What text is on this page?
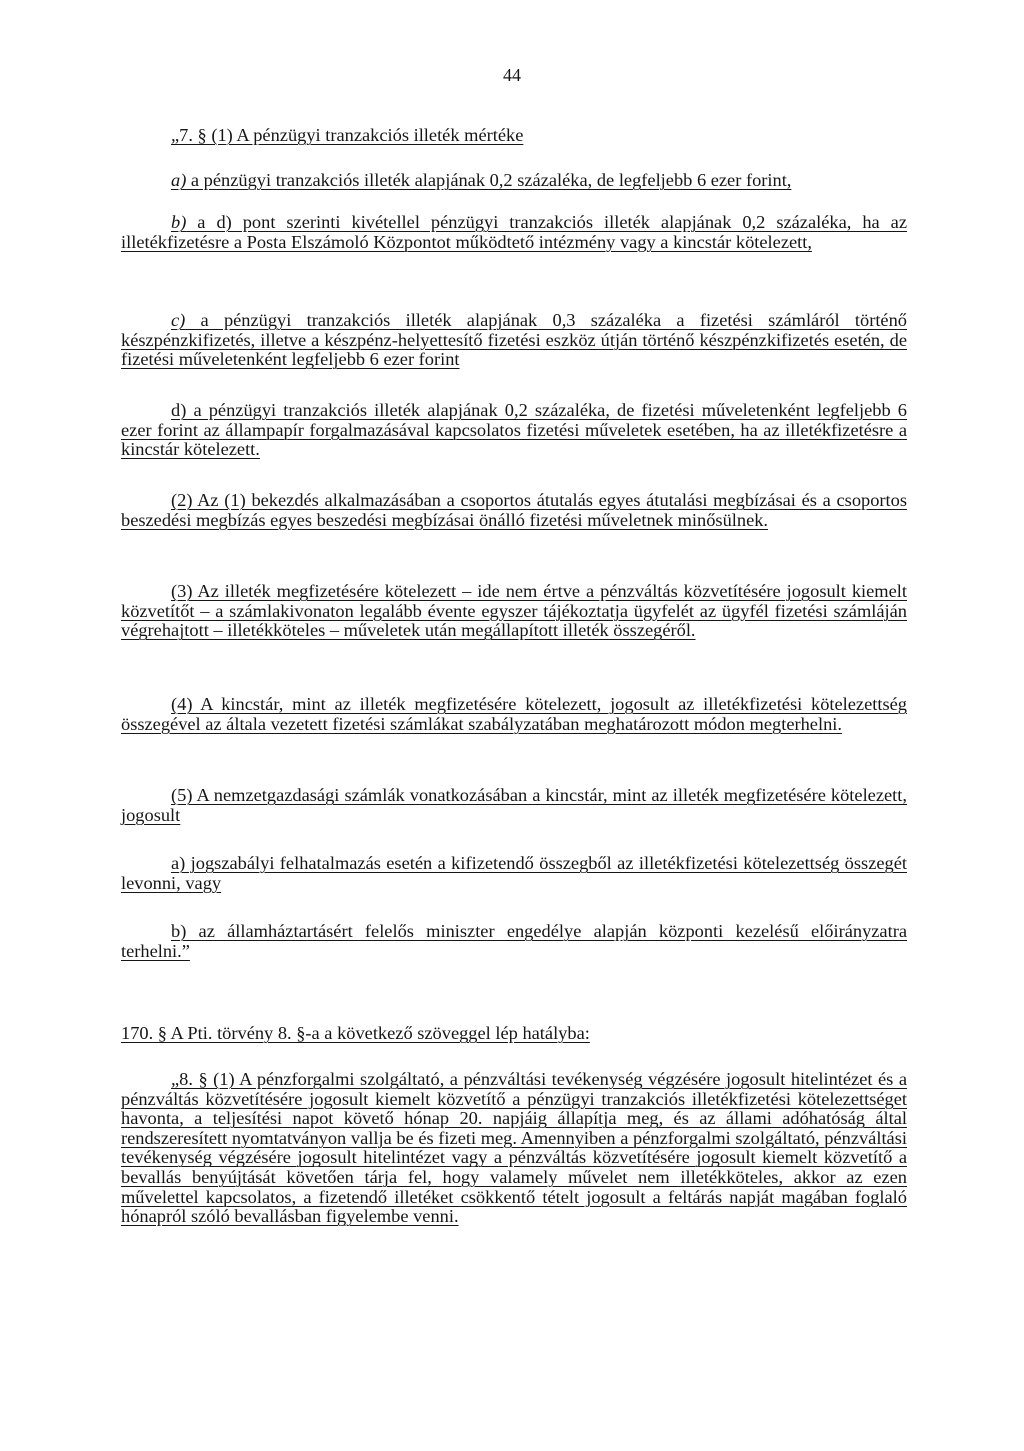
44

„7. § (1) A pénzügyi tranzakciós illeték mértéke

a) a pénzügyi tranzakciós illeték alapjának 0,2 százaléka, de legfeljebb 6 ezer forint,

b) a d) pont szerinti kivétellel pénzügyi tranzakciós illeték alapjának 0,2 százaléka, ha az illetékfizetésre a Posta Elszámoló Központot működtető intézmény vagy a kincstár kötelezett,

c) a pénzügyi tranzakciós illeték alapjának 0,3 százaléka a fizetési számláról történő készpénzkifizetés, illetve a készpénz-helyettesítő fizetési eszköz útján történő készpénzkifizetés esetén, de fizetési műveletenként legfeljebb 6 ezer forint

d) a pénzügyi tranzakciós illeték alapjának 0,2 százaléka, de fizetési műveletenként legfeljebb 6 ezer forint az állampapír forgalmazásával kapcsolatos fizetési műveletek esetében, ha az illetékfizetésre a kincstár kötelezett.

(2) Az (1) bekezdés alkalmazásában a csoportos átutalás egyes átutalási megbízásai és a csoportos beszedési megbízás egyes beszedési megbízásai önálló fizetési műveletnek minősülnek.

(3) Az illeték megfizetésére kötelezett – ide nem értve a pénzváltás közvetítésére jogosult kiemelt közvetítőt – a számlakivonaton legalább évente egyszer tájékoztatja ügyfelét az ügyfél fizetési számláján végrehajtott – illetékköteles – műveletek után megállapított illeték összegéről.

(4) A kincstár, mint az illeték megfizetésére kötelezett, jogosult az illetékfizetési kötelezettség összegével az általa vezetett fizetési számlákat szabályzatában meghatározott módon megterhelni.

(5) A nemzetgazdasági számlák vonatkozásában a kincstár, mint az illeték megfizetésére kötelezett, jogosult

a) jogszabályi felhatalmazás esetén a kifizetendő összegből az illetékfizetési kötelezettség összegét levonni, vagy

b) az államháztartásért felelős miniszter engedélye alapján központi kezelésű előirányzatra terhelni.”

170. § A Pti. törvény 8. §-a a következő szöveggel lép hatályba:

„8. § (1) A pénzforgalmi szolgáltató, a pénzváltási tevékenység végzésére jogosult hitelintézet és a pénzváltás közvetítésére jogosult kiemelt közvetítő a pénzügyi tranzakciós illetékfizetési kötelezettséget havonta, a teljesítési napot követő hónap 20. napjáig állapítja meg, és az állami adóhatóság által rendszeresített nyomtatványon vallja be és fizeti meg. Amennyiben a pénzforgalmi szolgáltató, pénzváltási tevékenység végzésére jogosult hitelintézet vagy a pénzváltás közvetítésére jogosult kiemelt közvetítő a bevallás benyújtását követően tárja fel, hogy valamely művelet nem illetékköteles, akkor az ezen művelettel kapcsolatos, a fizetendő illetéket csökkentő tételt jogosult a feltárás napját magában foglaló hónapról szóló bevallásban figyelembe venni.
